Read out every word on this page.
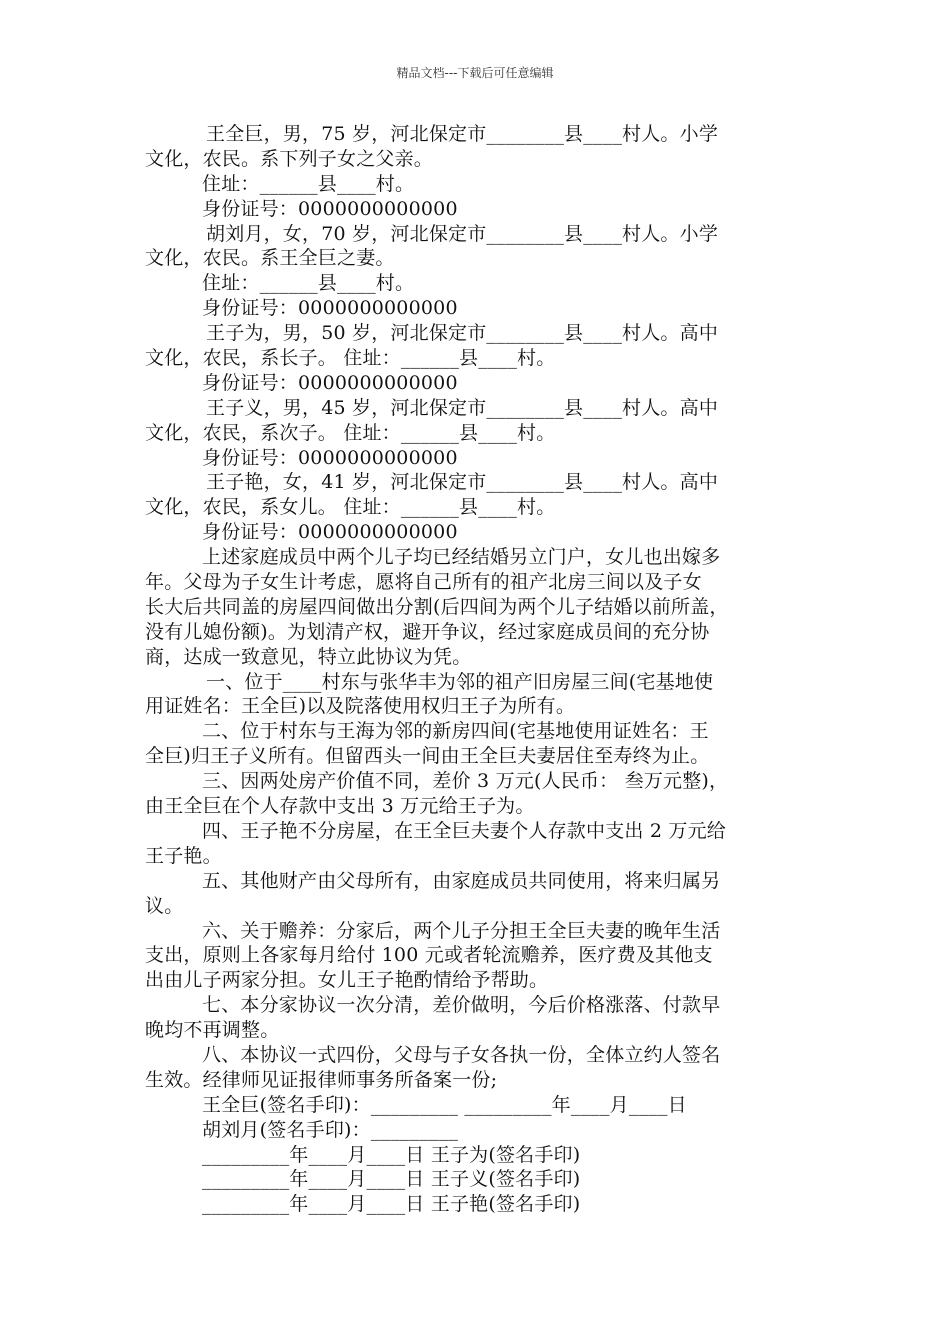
精品文档---下载后可任意编辑
王全巨，男，75 岁，河北保定市________县____村人。小学
文化，农民。系下列子女之父亲。
住址：______县____村。
身份证号：0000000000000
胡刘月，女，70 岁，河北保定市________县____村人。小学
文化，农民。系王全巨之妻。
住址：______县____村。
身份证号：0000000000000
王子为，男，50 岁，河北保定市________县____村人。高中
文化，农民，系长子。 住址：______县____村。
身份证号：0000000000000
王子义，男，45 岁，河北保定市________县____村人。高中
文化，农民，系次子。 住址：______县____村。
身份证号：0000000000000
王子艳，女，41 岁，河北保定市________县____村人。高中
文化，农民，系女儿。 住址：______县____村。
身份证号：0000000000000
上述家庭成员中两个儿子均已经结婚另立门户，女儿也出嫁多
年。父母为子女生计考虑，愿将自己所有的祖产北房三间以及子女
长大后共同盖的房屋四间做出分割(后四间为两个儿子结婚以前所盖，
没有儿媳份额)。为划清产权，避开争议，经过家庭成员间的充分协
商，达成一致意见，特立此协议为凭。
一、位于____村东与张华丰为邻的祖产旧房屋三间(宅基地使
用证姓名：王全巨)以及院落使用权归王子为所有。
二、位于村东与王海为邻的新房四间(宅基地使用证姓名：王
全巨)归王子义所有。但留西头一间由王全巨夫妻居住至寿终为止。
三、因两处房产价值不同，差价 3 万元(人民币： 叁万元整)，
由王全巨在个人存款中支出 3 万元给王子为。
四、王子艳不分房屋，在王全巨夫妻个人存款中支出 2 万元给
王子艳。
五、其他财产由父母所有，由家庭成员共同使用，将来归属另
议。
六、关于赡养：分家后，两个儿子分担王全巨夫妻的晚年生活
支出，原则上各家每月给付 100 元或者轮流赡养，医疗费及其他支
出由儿子两家分担。女儿王子艳酌情给予帮助。
七、本分家协议一次分清，差价做明，今后价格涨落、付款早
晚均不再调整。
八、本协议一式四份，父母与子女各执一份，全体立约人签名
生效。经律师见证报律师事务所备案一份;
王全巨(签名手印)：_________ _________年____月____日
胡刘月(签名手印)：_________
_________年____月____日 王子为(签名手印)
_________年____月____日 王子义(签名手印)
_________年____月____日 王子艳(签名手印)
